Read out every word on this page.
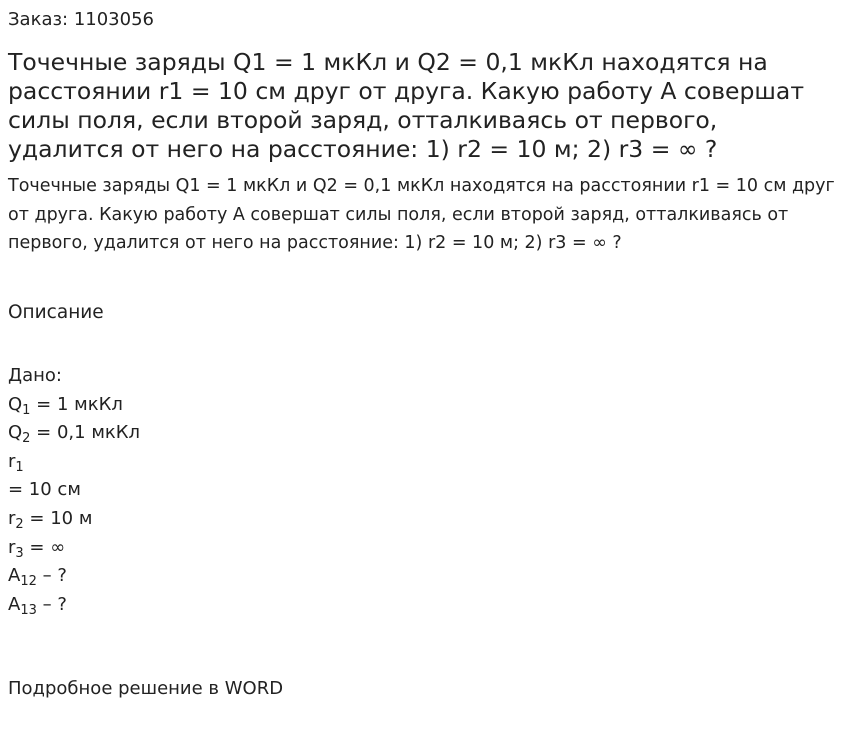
Заказ: 1103056

Точечные заряды Q1 = 1 мкКл и Q2 = 0,1 мкКл находятся на расстоянии r1 = 10 см друг от друга. Какую работу A совершат силы поля, если второй заряд, отталкиваясь от первого, удалится от него на расстояние: 1) r2 = 10 м; 2) r3 = ∞ ?

Точечные заряды Q1 = 1 мкКл и Q2 = 0,1 мкКл находятся на расстоянии r1 = 10 см друг от друга. Какую работу A совершат силы поля, если второй заряд, отталкиваясь от первого, удалится от него на расстояние: 1) r2 = 10 м; 2) r3 = ∞ ?

Описание
Дано:
$Q_1 = 1$ мкКл
$Q_2 = 0,1$ мкКл
$r_1$
= 10 см
$r_2 = 10$ м
$r_3$ = ∞
$A_{12}$ – ?
$A_{13}$ – ?

Подробное решение в WORD
